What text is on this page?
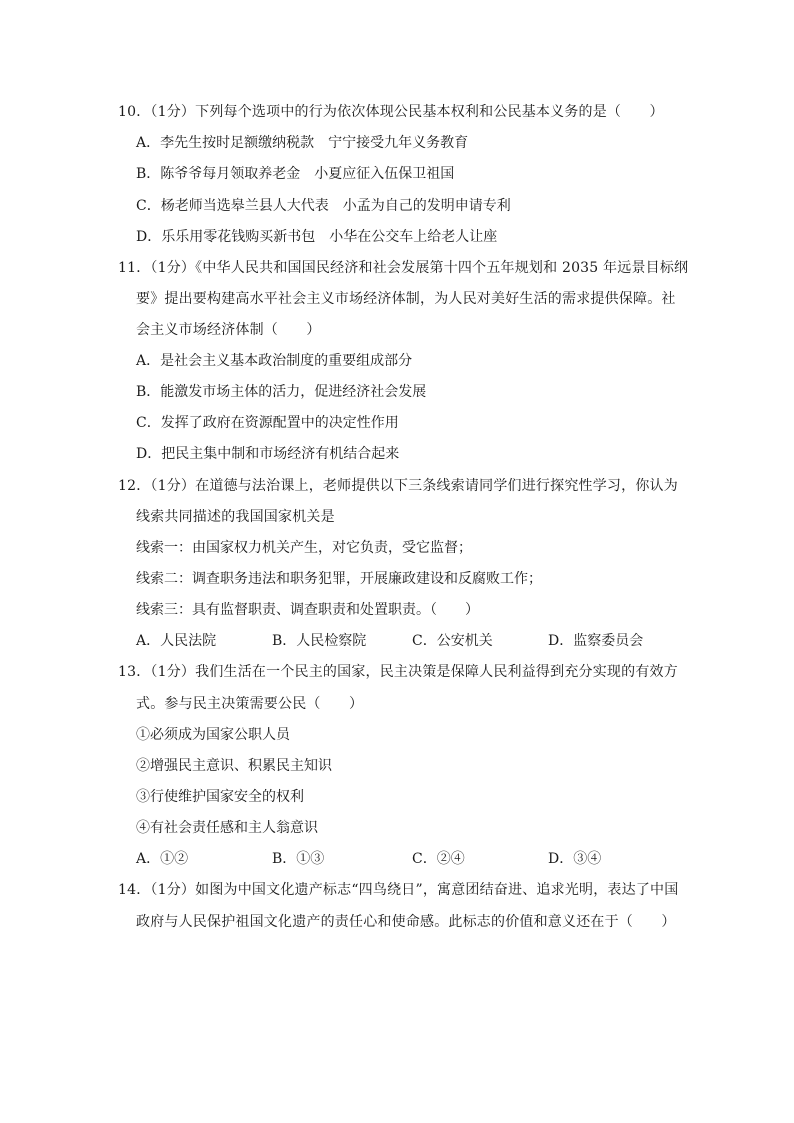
10．（1分）下列每个选项中的行为依次体现公民基本权利和公民基本义务的是（　　）
A．李先生按时足额缴纳税款　宁宁接受九年义务教育
B．陈爷爷每月领取养老金　小夏应征入伍保卫祖国
C．杨老师当选皋兰县人大代表　小孟为自己的发明申请专利
D．乐乐用零花钱购买新书包　小华在公交车上给老人让座
11．（1分）《中华人民共和国国民经济和社会发展第十四个五年规划和 2035 年远景目标纲
要》提出要构建高水平社会主义市场经济体制，为人民对美好生活的需求提供保障。社
会主义市场经济体制（　　）
A．是社会主义基本政治制度的重要组成部分
B．能激发市场主体的活力，促进经济社会发展
C．发挥了政府在资源配置中的决定性作用
D．把民主集中制和市场经济有机结合起来
12．（1分）在道德与法治课上，老师提供以下三条线索请同学们进行探究性学习，你认为
线索共同描述的我国国家机关是
线索一：由国家权力机关产生，对它负责，受它监督；
线索二：调查职务违法和职务犯罪，开展廉政建设和反腐败工作；
线索三：具有监督职责、调查职责和处置职责。（　　）
A．人民法院	B．人民检察院	C．公安机关	D．监察委员会
13．（1分）我们生活在一个民主的国家，民主决策是保障人民利益得到充分实现的有效方
式。参与民主决策需要公民（　　）
①必须成为国家公职人员
②增强民主意识、积累民主知识
③行使维护国家安全的权利
④有社会责任感和主人翁意识
A．①②	B．①③	C．②④	D．③④
14．（1分）如图为中国文化遗产标志“四鸟绕日”，寓意团结奋进、追求光明，表达了中国
政府与人民保护祖国文化遗产的责任心和使命感。此标志的价值和意义还在于（　　）
